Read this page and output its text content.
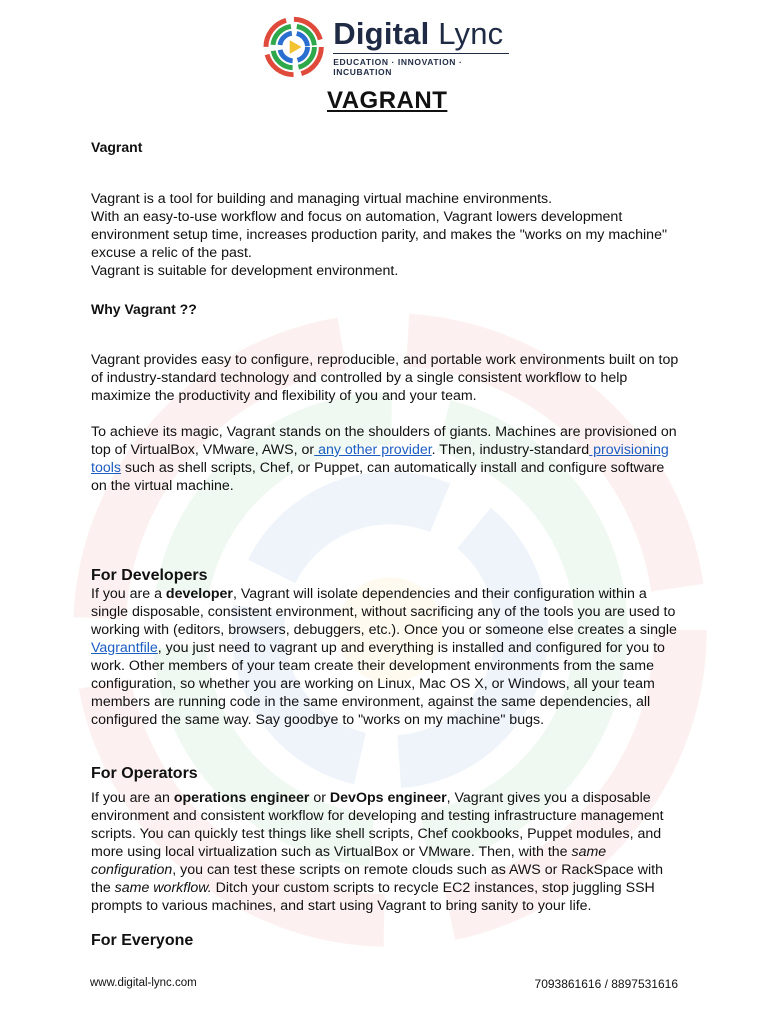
Digital Lync
EDUCATION · INNOVATION · INCUBATION
VAGRANT
Vagrant
Vagrant is a tool for building and managing virtual machine environments.
With an easy-to-use workflow and focus on automation, Vagrant lowers development environment setup time, increases production parity, and makes the "works on my machine" excuse a relic of the past.
Vagrant is suitable for development environment.
Why Vagrant ??

Vagrant provides easy to configure, reproducible, and portable work environments built on top of industry-standard technology and controlled by a single consistent workflow to help maximize the productivity and flexibility of you and your team.

To achieve its magic, Vagrant stands on the shoulders of giants. Machines are provisioned on top of VirtualBox, VMware, AWS, or any other provider. Then, industry-standard provisioning tools such as shell scripts, Chef, or Puppet, can automatically install and configure software on the virtual machine.

For Developers

If you are a developer, Vagrant will isolate dependencies and their configuration within a single disposable, consistent environment, without sacrificing any of the tools you are used to working with (editors, browsers, debuggers, etc.). Once you or someone else creates a single Vagrantfile, you just need to vagrant up and everything is installed and configured for you to work. Other members of your team create their development environments from the same configuration, so whether you are working on Linux, Mac OS X, or Windows, all your team members are running code in the same environment, against the same dependencies, all configured the same way. Say goodbye to "works on my machine" bugs.

For Operators

If you are an operations engineer or DevOps engineer, Vagrant gives you a disposable environment and consistent workflow for developing and testing infrastructure management scripts. You can quickly test things like shell scripts, Chef cookbooks, Puppet modules, and more using local virtualization such as VirtualBox or VMware. Then, with the same configuration, you can test these scripts on remote clouds such as AWS or RackSpace with the same workflow. Ditch your custom scripts to recycle EC2 instances, stop juggling SSH prompts to various machines, and start using Vagrant to bring sanity to your life.

For Everyone
www.digital-lync.com	7093861616 / 8897531616
